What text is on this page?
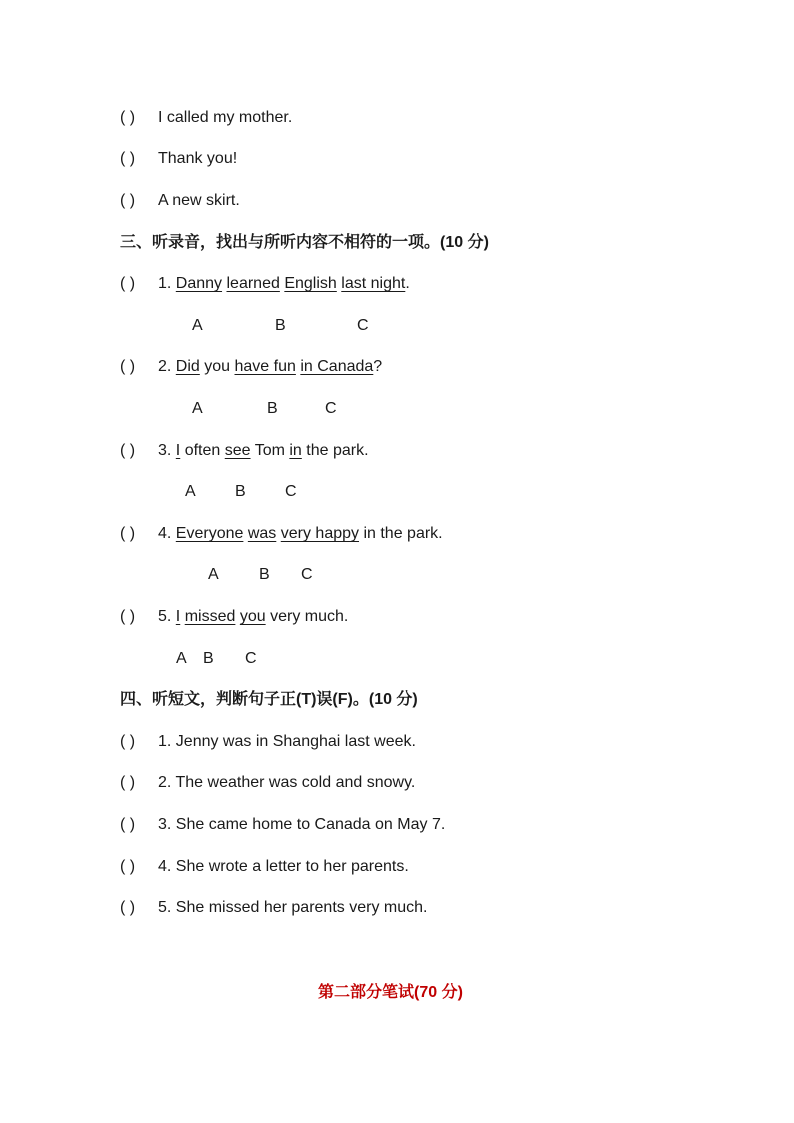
( ) I called my mother.
( ) Thank you!
( ) A new skirt.
三、听录音，找出与所听内容不相符的一项。(10 分)
( ) 1. Danny learned English last night.
A	B	C
( ) 2. Did you have fun in Canada?
A	B	C
( ) 3. I often see Tom in the park.
A B C
( ) 4. Everyone was very happy in the park.
A	B C
( ) 5. I missed you very much.
A B C
四、听短文，判断句子正(T)误(F)。(10 分)
( ) 1. Jenny was in Shanghai last week.
( ) 2. The weather was cold and snowy.
( ) 3. She came home to Canada on May 7.
( ) 4. She wrote a letter to her parents.
( ) 5. She missed her parents very much.
第二部分笔试(70 分)
